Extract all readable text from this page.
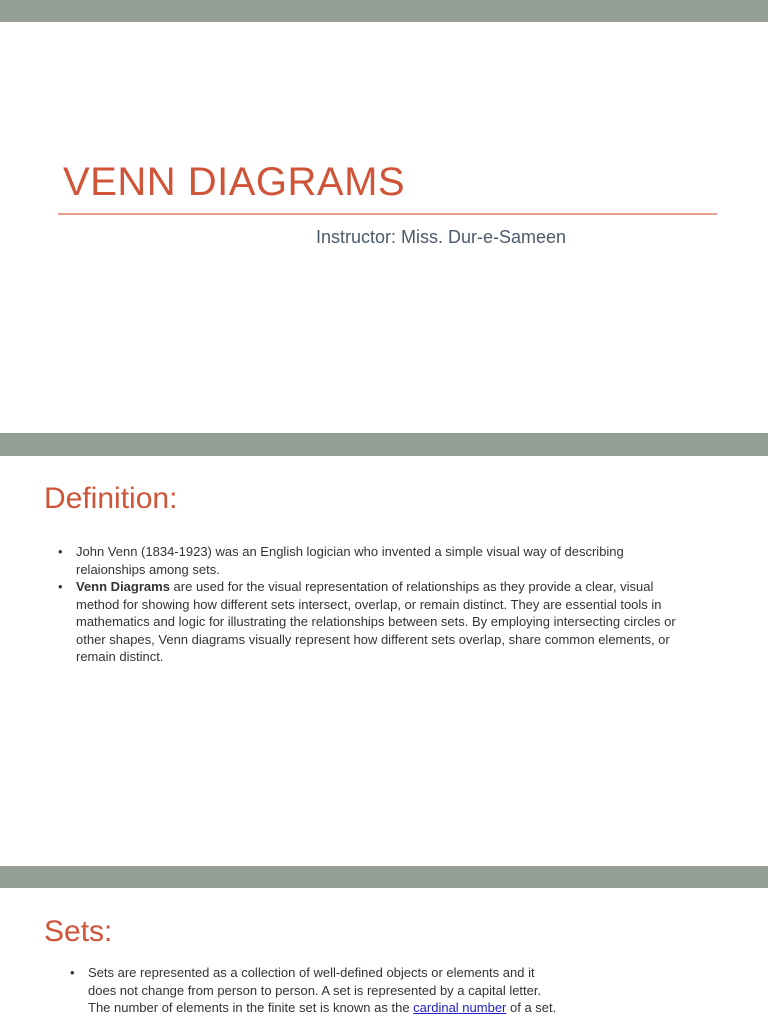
VENN DIAGRAMS

Instructor: Miss. Dur-e-Sameen

Definition:
• John Venn (1834-1923) was an English logician who invented a simple visual way of describing relaionships among sets.
• Venn Diagrams are used for the visual representation of relationships as they provide a clear, visual method for showing how different sets intersect, overlap, or remain distinct. They are essential tools in mathematics and logic for illustrating the relationships between sets. By employing intersecting circles or other shapes, Venn diagrams visually represent how different sets overlap, share common elements, or remain distinct.
Sets:
• Sets are represented as a collection of well-defined objects or elements and it does not change from person to person. A set is represented by a capital letter. The number of elements in the finite set is known as the cardinal number of a set.
